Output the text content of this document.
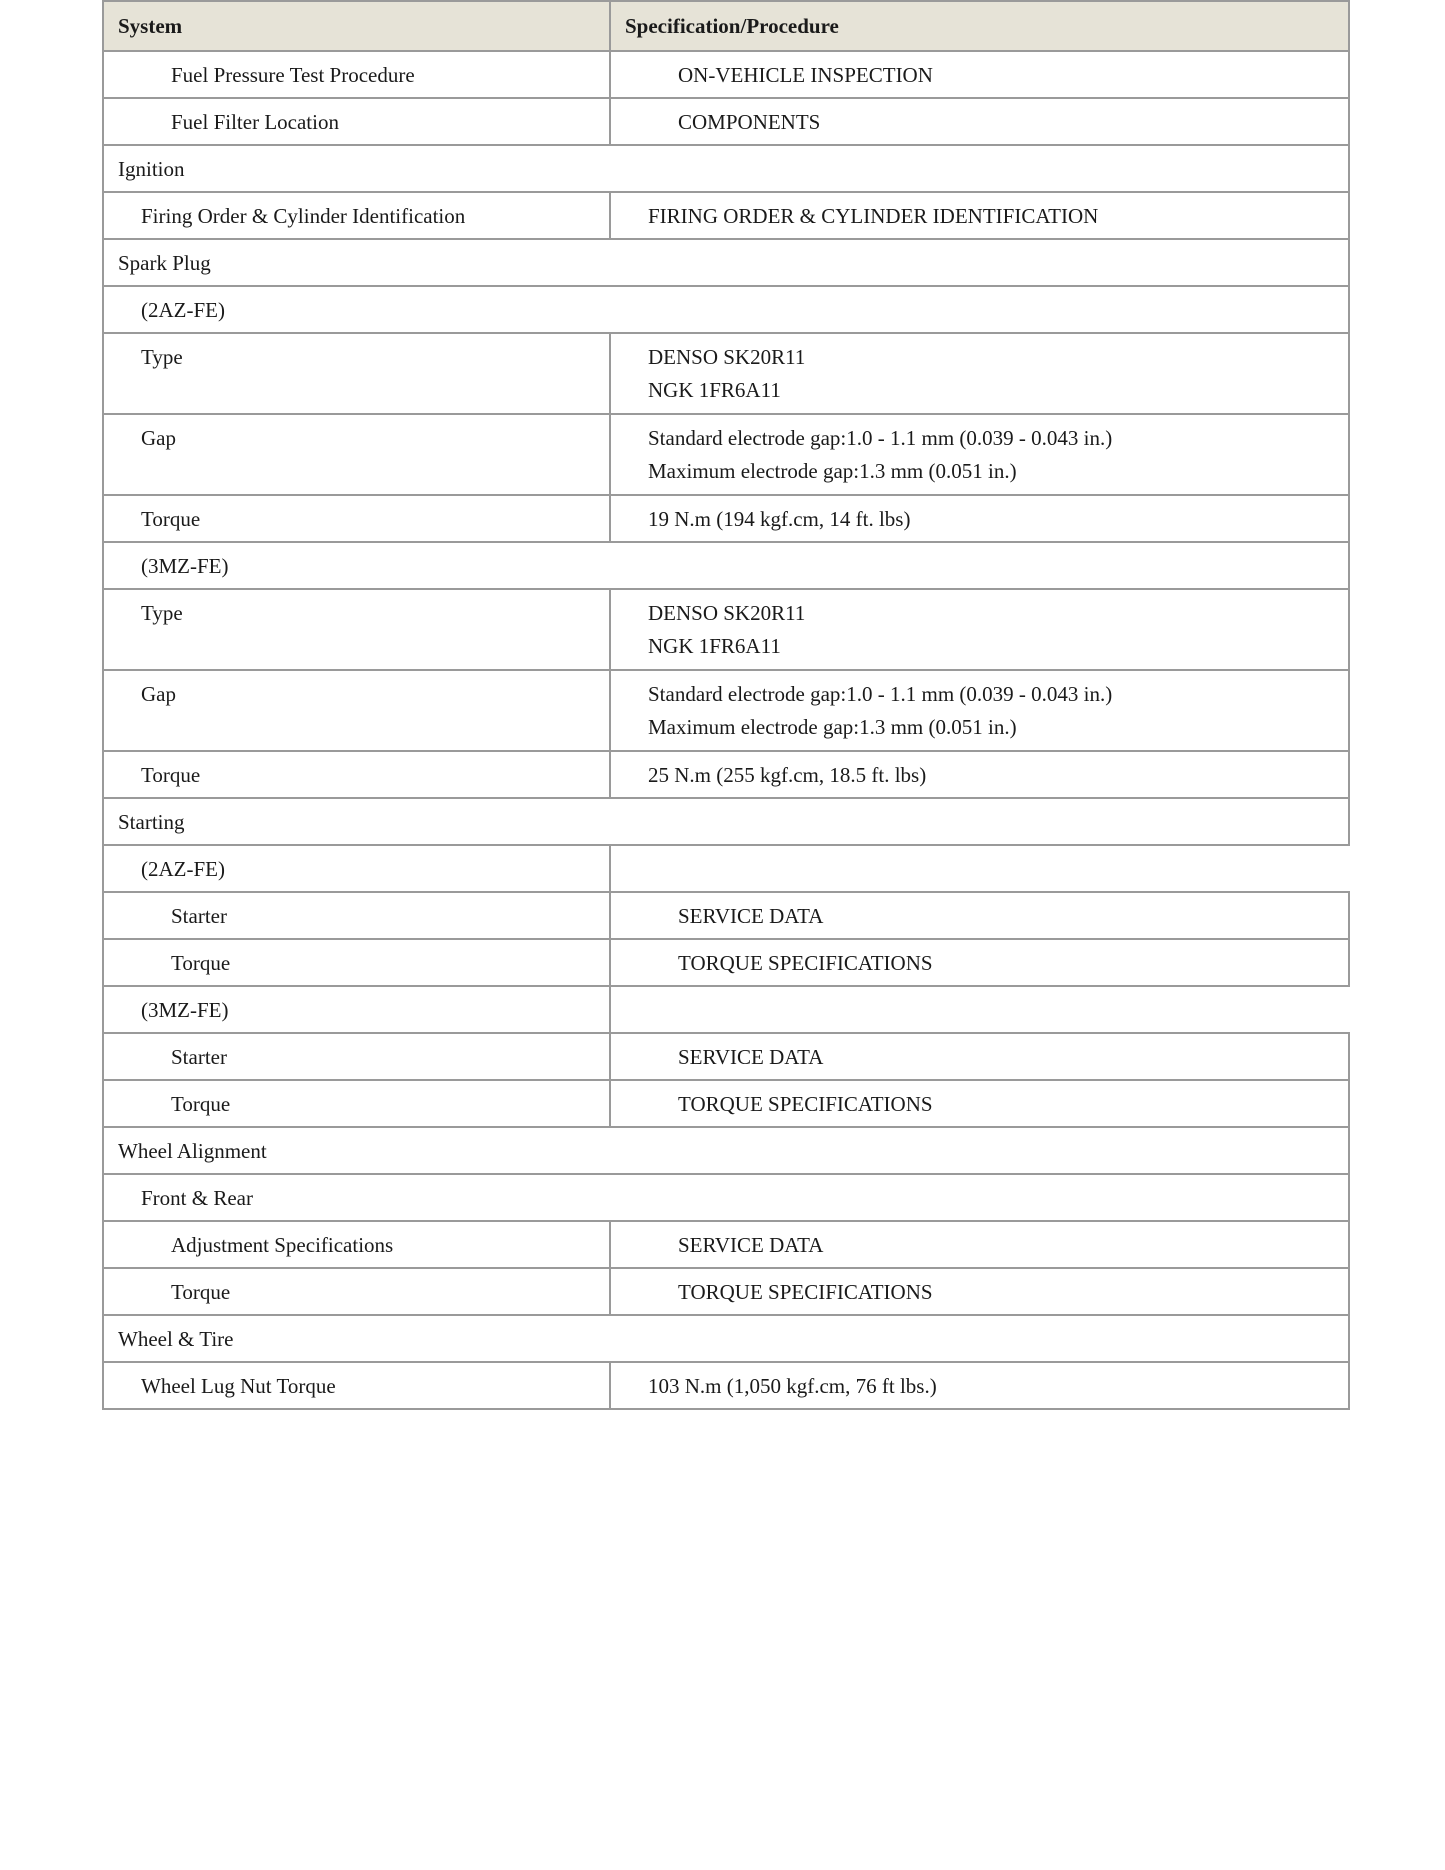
System	Specification/Procedure
Fuel Pressure Test Procedure	ON-VEHICLE INSPECTION
Fuel Filter Location	COMPONENTS
Ignition	
Firing Order & Cylinder Identification	FIRING ORDER & CYLINDER IDENTIFICATION
Spark Plug	
(2AZ-FE)	
Type	DENSO SK20R11
NGK 1FR6A11

Gap	Standard electrode gap:1.0 - 1.1 mm (0.039 - 0.043 in.)
Maximum electrode gap:1.3 mm (0.051 in.)

Torque	19 N.m (194 kgf.cm, 14 ft. lbs)
(3MZ-FE)	
Type	DENSO SK20R11
NGK 1FR6A11

Gap	Standard electrode gap:1.0 - 1.1 mm (0.039 - 0.043 in.)
Maximum electrode gap:1.3 mm (0.051 in.)

Torque	25 N.m (255 kgf.cm, 18.5 ft. lbs)
Starting	
(2AZ-FE)	
Starter	SERVICE DATA
Torque	TORQUE SPECIFICATIONS
(3MZ-FE)	
Starter	SERVICE DATA
Torque	TORQUE SPECIFICATIONS
Wheel Alignment	
Front & Rear	
Adjustment Specifications	SERVICE DATA
Torque	TORQUE SPECIFICATIONS
Wheel & Tire	
Wheel Lug Nut Torque	103 N.m (1,050 kgf.cm, 76 ft lbs.)
